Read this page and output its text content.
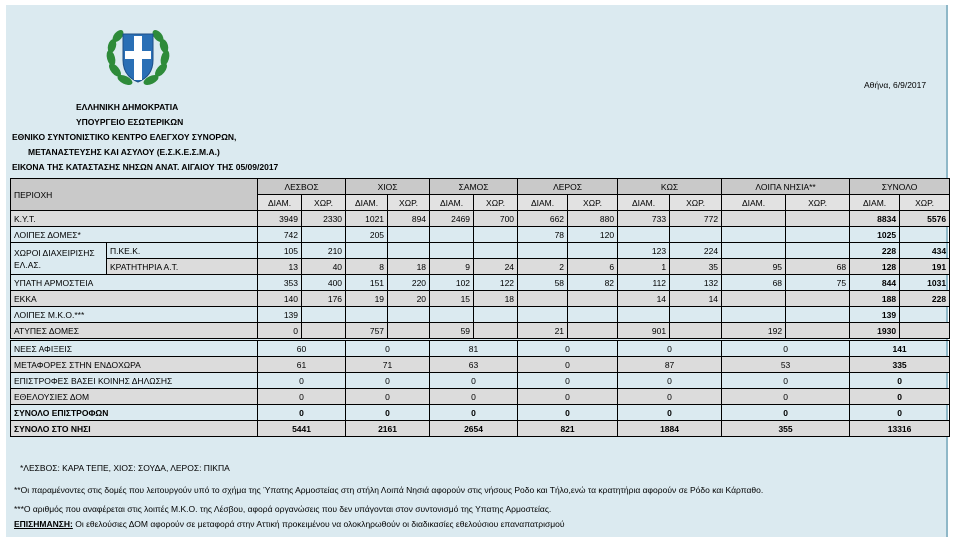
Αθήνα, 6/9/2017
ΕΛΛΗΝΙΚΗ ΔΗΜΟΚΡΑΤΙΑ
ΥΠΟΥΡΓΕΙΟ ΕΣΩΤΕΡΙΚΩΝ
ΕΘΝΙΚΟ ΣΥΝΤΟΝΙΣΤΙΚΟ ΚΕΝΤΡΟ ΕΛΕΓΧΟΥ ΣΥΝΟΡΩΝ,
ΜΕΤΑΝΑΣΤΕΥΣΗΣ ΚΑΙ ΑΣΥΛΟΥ (Ε.Σ.Κ.Ε.Σ.Μ.Α.)
ΕΙΚΟΝΑ ΤΗΣ ΚΑΤΑΣΤΑΣΗΣ ΝΗΣΩΝ ΑΝΑΤ. ΑΙΓΑΙΟΥ ΤΗΣ 05/09/2017
ΠΕΡΙΟΧΗ		ΛΕΣΒΟΣ		ΧΙΟΣ		ΣΑΜΟΣ		ΛΕΡΟΣ		ΚΩΣ		ΛΟΙΠΑ ΝΗΣΙΑ**		ΣΥΝΟΛΟ	
		ΔΙΑΜ.	ΧΩΡ.	ΔΙΑΜ.	ΧΩΡ.	ΔΙΑΜ.	ΧΩΡ.	ΔΙΑΜ.	ΧΩΡ.	ΔΙΑΜ.	ΧΩΡ.	ΔΙΑΜ.	ΧΩΡ.	ΔΙΑΜ.	ΧΩΡ.
Κ.Υ.Τ.		3949	2330	1021	894	2469	700	662	880	733	772			8834	5576
ΛΟΙΠΕΣ ΔΟΜΕΣ*		742		205				78	120					1025	
ΧΩΡΟΙ ΔΙΑΧΕΙΡΙΣΗΣ ΕΛ.ΑΣ.	Π.ΚΕ.Κ.	105	210							123	224			228	434
	ΚΡΑΤΗΤΗΡΙΑ Α.Τ.	13	40	8	18	9	24	2	6	1	35	95	68	128	191
ΥΠΑΤΗ ΑΡΜΟΣΤΕΙΑ		353	400	151	220	102	122	58	82	112	132	68	75	844	1031
ΕΚΚΑ		140	176	19	20	15	18			14	14			188	228
ΛΟΙΠΕΣ Μ.Κ.Ο.***		139												139	
ΑΤΥΠΕΣ ΔΟΜΕΣ		0		757		59		21		901		192		1930	
ΝΕΕΣ ΑΦΙΞΕΙΣ		60		0		81		0		0		0		141	
ΜΕΤΑΦΟΡΕΣ ΣΤΗΝ ΕΝΔΟΧΩΡΑ		61		71		63		0		87		53		335	
ΕΠΙΣΤΡΟΦΕΣ ΒΑΣΕΙ ΚΟΙΝΗΣ ΔΗΛΩΣΗΣ		0		0		0		0		0		0		0	
ΕΘΕΛΟΥΣΙΕΣ ΔΟΜ		0		0		0		0		0		0		0	
ΣΥΝΟΛΟ ΕΠΙΣΤΡΟΦΩΝ		0		0		0		0		0		0		0	
ΣΥΝΟΛΟ ΣΤΟ ΝΗΣΙ		5441		2161		2654		821		1884		355		13316	
*ΛΕΣΒΟΣ: ΚΑΡΑ ΤΕΠΕ, ΧΙΟΣ: ΣΟΥΔΑ, ΛΕΡΟΣ: ΠΙΚΠΑ
**Οι παραμένοντες στις δομές που λειτουργούν υπό το σχήμα της Ύπατης Αρμοστείας στη στήλη Λοιπά Νησιά αφορούν στις νήσους Ροδο και Τήλο,ενώ τα κρατητήρια αφορούν σε Ρόδο και Κάρπαθο.
***Ο αριθμός που αναφέρεται στις λοιπές Μ.Κ.Ο. της Λέσβου, αφορά οργανώσεις που δεν υπάγονται στον συντονισμό της Υπατης Αρμοστείας.
ΕΠΙΣΗΜΑΝΣΗ: Οι εθελούσιες ΔΟΜ αφορούν σε μεταφορά στην Αττική προκειμένου να ολοκληρωθούν οι διαδικασίες εθελούσιου επαναπατρισμού
